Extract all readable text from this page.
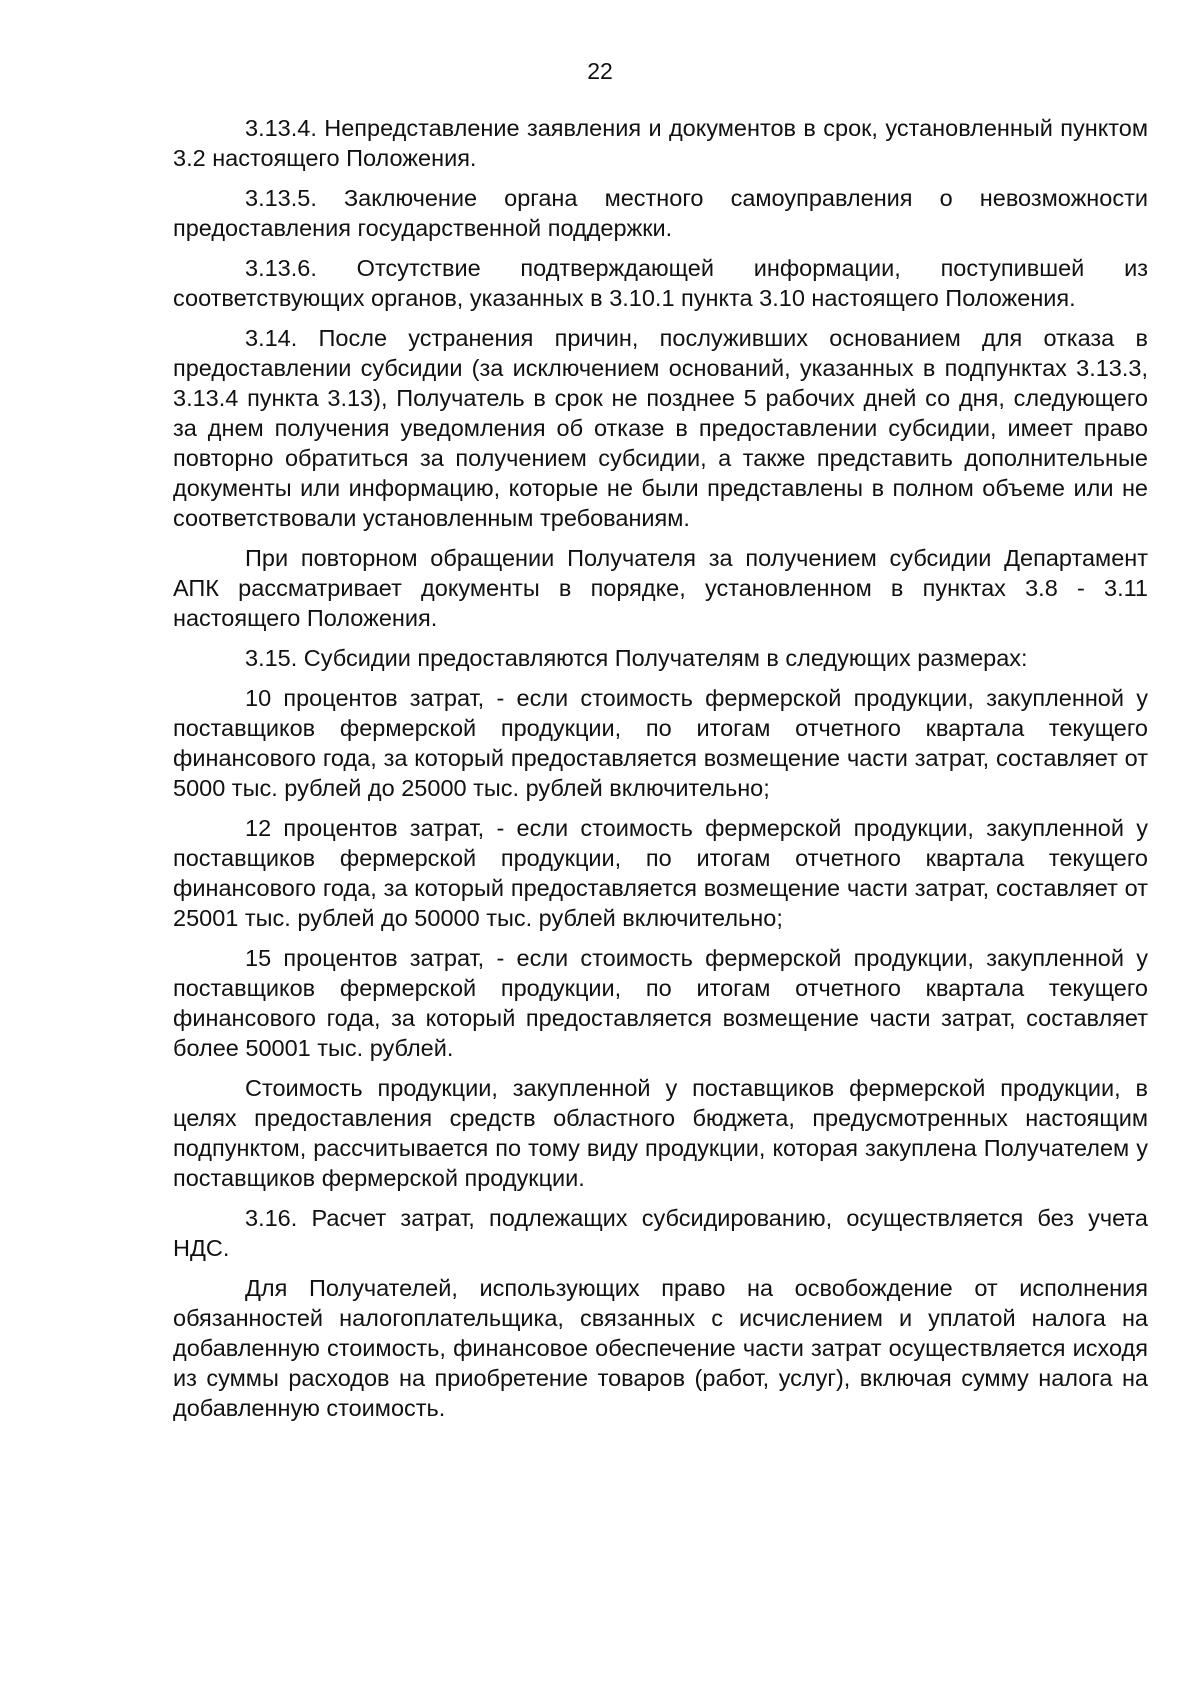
22

3.13.4. Непредставление заявления и документов в срок, установленный пунктом 3.2 настоящего Положения.

3.13.5. Заключение органа местного самоуправления о невозможности предоставления государственной поддержки.

3.13.6. Отсутствие подтверждающей информации, поступившей из соответствующих органов, указанных в 3.10.1 пункта 3.10 настоящего Положения.

3.14. После устранения причин, послуживших основанием для отказа в предоставлении субсидии (за исключением оснований, указанных в подпунктах 3.13.3, 3.13.4 пункта 3.13), Получатель в срок не позднее 5 рабочих дней со дня, следующего за днем получения уведомления об отказе в предоставлении субсидии, имеет право повторно обратиться за получением субсидии, а также представить дополнительные документы или информацию, которые не были представлены в полном объеме или не соответствовали установленным требованиям.

При повторном обращении Получателя за получением субсидии Департамент АПК рассматривает документы в порядке, установленном в пунктах 3.8 - 3.11 настоящего Положения.

3.15. Субсидии предоставляются Получателям в следующих размерах:

10 процентов затрат, - если стоимость фермерской продукции, закупленной у поставщиков фермерской продукции, по итогам отчетного квартала текущего финансового года, за который предоставляется возмещение части затрат, составляет от 5000 тыс. рублей до 25000 тыс. рублей включительно;

12 процентов затрат, - если стоимость фермерской продукции, закупленной у поставщиков фермерской продукции, по итогам отчетного квартала текущего финансового года, за который предоставляется возмещение части затрат, составляет от 25001 тыс. рублей до 50000 тыс. рублей включительно;

15 процентов затрат, - если стоимость фермерской продукции, закупленной у поставщиков фермерской продукции, по итогам отчетного квартала текущего финансового года, за который предоставляется возмещение части затрат, составляет более 50001 тыс. рублей.

Стоимость продукции, закупленной у поставщиков фермерской продукции, в целях предоставления средств областного бюджета, предусмотренных настоящим подпунктом, рассчитывается по тому виду продукции, которая закуплена Получателем у поставщиков фермерской продукции.

3.16. Расчет затрат, подлежащих субсидированию, осуществляется без учета НДС.

Для Получателей, использующих право на освобождение от исполнения обязанностей налогоплательщика, связанных с исчислением и уплатой налога на добавленную стоимость, финансовое обеспечение части затрат осуществляется исходя из суммы расходов на приобретение товаров (работ, услуг), включая сумму налога на добавленную стоимость.
